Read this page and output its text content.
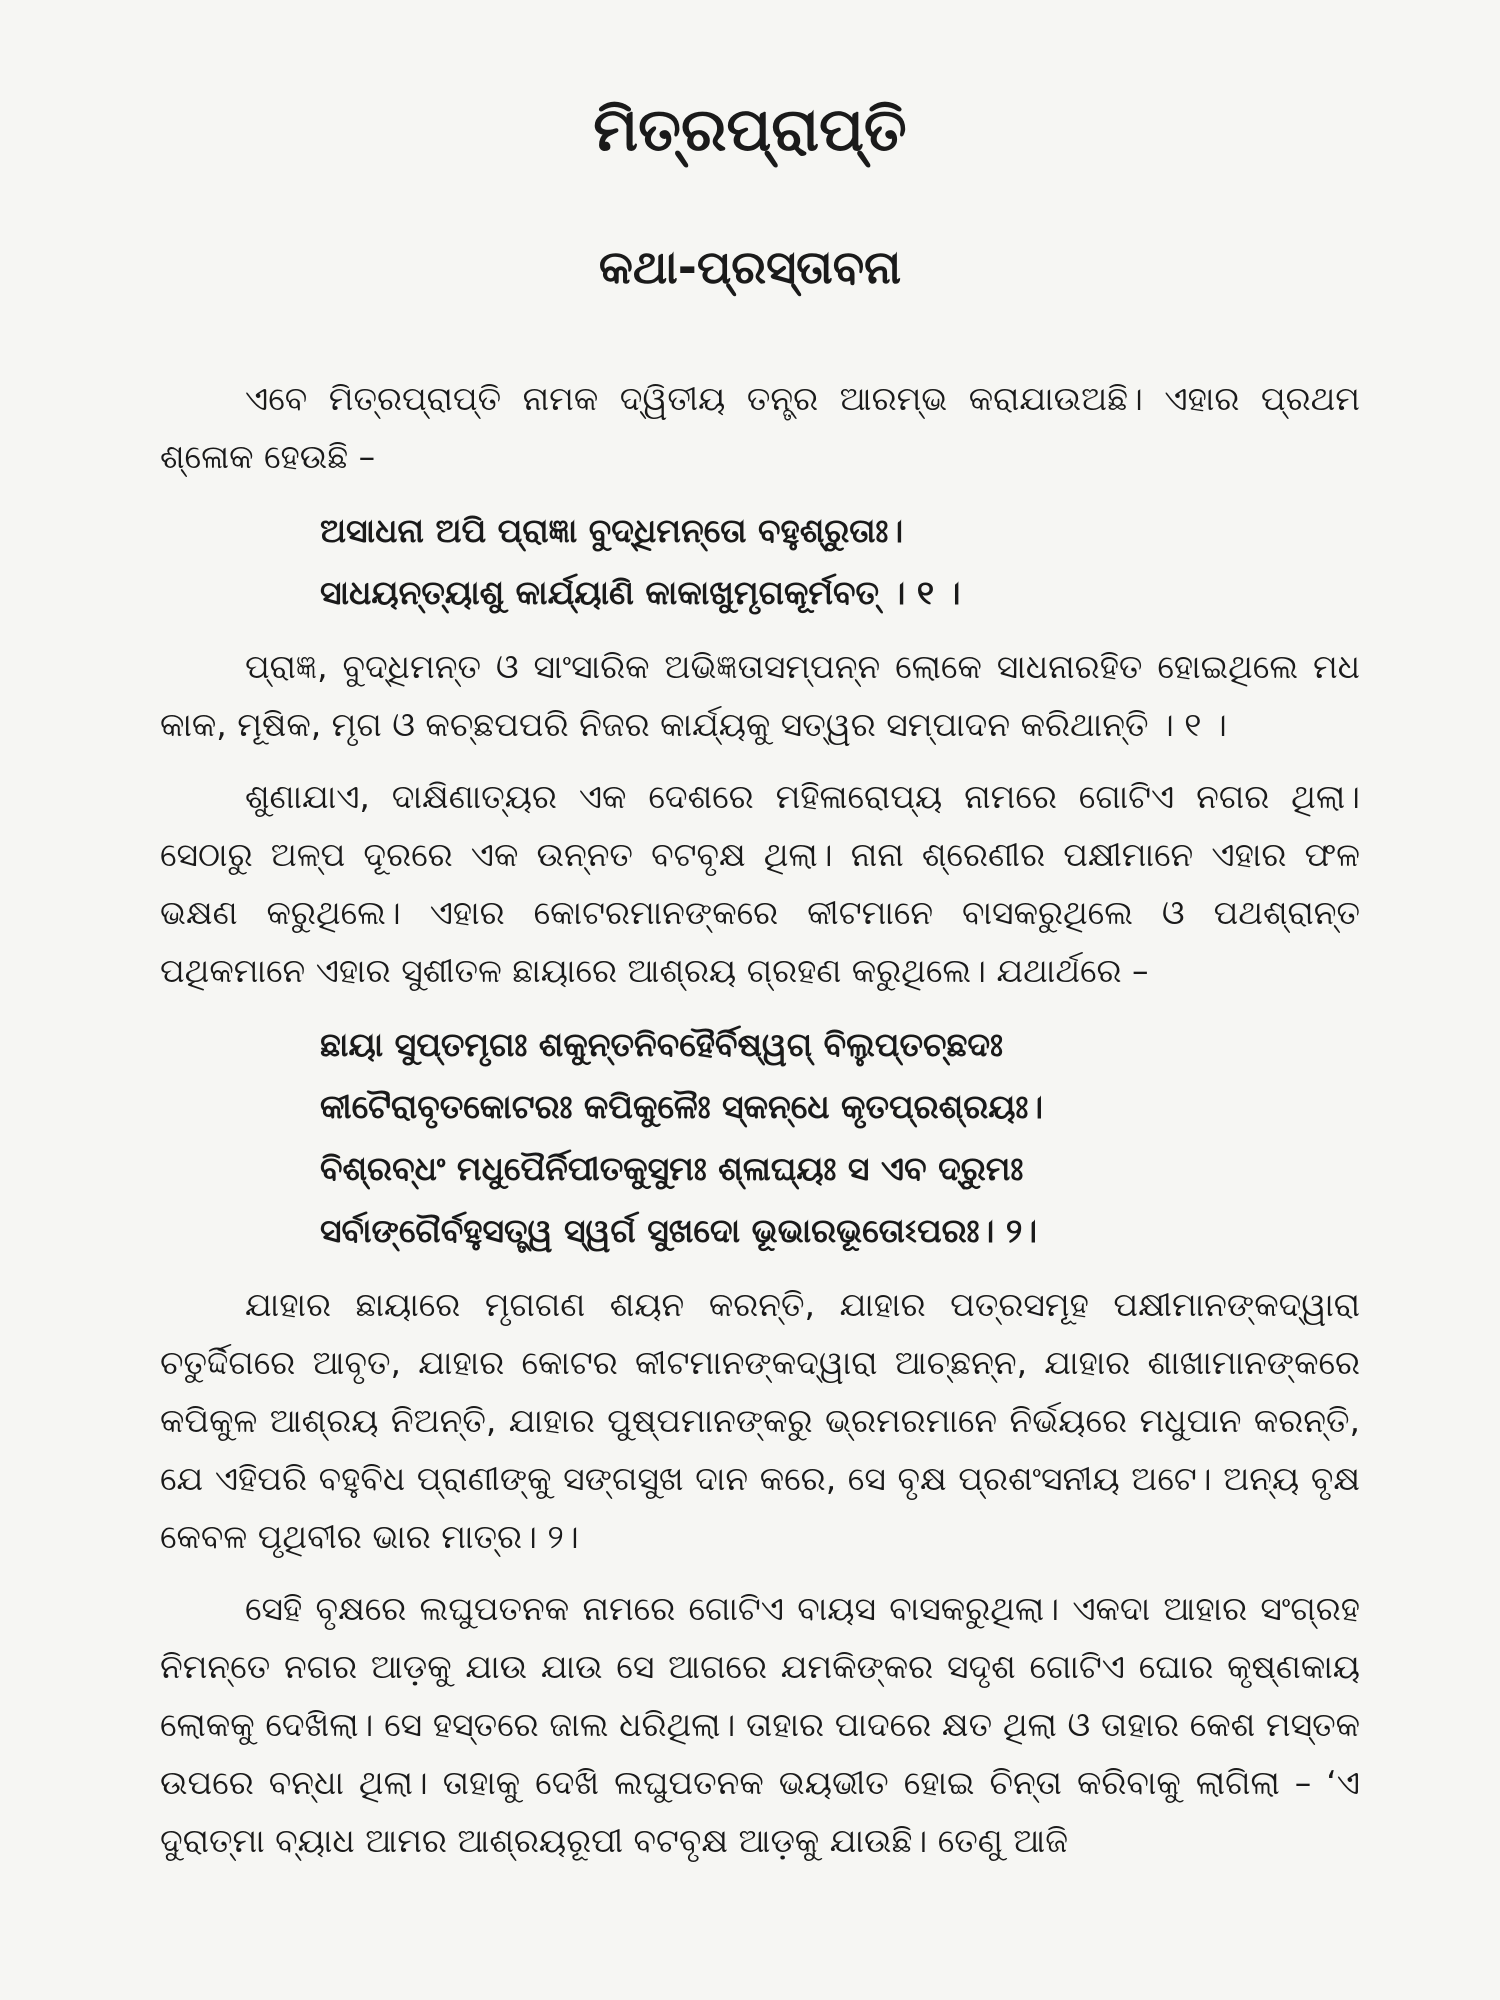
ମିତ୍ରପ୍ରାପ୍ତି
କଥା-ପ୍ରସ୍ତାବନା

ଏବେ ମିତ୍ରପ୍ରାପ୍ତି ନାମକ ଦ୍ୱିତୀୟ ତନ୍ତ୍ର ଆରମ୍ଭ କରାଯାଉଅଛି। ଏହାର ପ୍ରଥମ ଶ୍ଳୋକ ହେଉଛି –

ଅସାଧନା ଅପି ପ୍ରାଜ୍ଞା ବୁଦ୍ଧିମନ୍ତୋ ବହୁଶ୍ରୁତାଃ।
ସାଧୟନ୍ତ୍ୟାଶୁ କାର୍ଯ୍ୟାଣି କାକାଖୁମୃଗକୂର୍ମବତ୍ । ୧ ।

ପ୍ରାଜ୍ଞ, ବୁଦ୍ଧିମନ୍ତ ଓ ସାଂସାରିକ ଅଭିଜ୍ଞତାସମ୍ପନ୍ନ ଲୋକେ ସାଧନାରହିତ ହୋଇଥିଲେ ମଧ କାକ, ମୂଷିକ, ମୃଗ ଓ କଚ୍ଛପପରି ନିଜର କାର୍ଯ୍ୟକୁ ସତ୍ୱର ସମ୍ପାଦନ କରିଥାନ୍ତି । ୧ ।

ଶୁଣାଯାଏ, ଦାକ୍ଷିଣାତ୍ୟର ଏକ ଦେଶରେ ମହିଳାରୋପ୍ୟ ନାମରେ ଗୋଟିଏ ନଗର ଥିଲା। ସେଠାରୁ ଅଳ୍ପ ଦୂରରେ ଏକ ଉନ୍ନତ ବଟବୃକ୍ଷ ଥିଲା। ନାନା ଶ୍ରେଣୀର ପକ୍ଷୀମାନେ ଏହାର ଫଳ ଭକ୍ଷଣ କରୁଥିଲେ। ଏହାର କୋଟରମାନଙ୍କରେ କୀଟମାନେ ବାସକରୁଥିଲେ ଓ ପଥଶ୍ରାନ୍ତ ପଥିକମାନେ ଏହାର ସୁଶୀତଳ ଛାୟାରେ ଆଶ୍ରୟ ଗ୍ରହଣ କରୁଥିଲେ। ଯଥାର୍ଥରେ –

ଛାୟା ସୁପ୍ତମୃଗଃ ଶକୁନ୍ତନିବହୈର୍ବିଷ୍ୱଗ୍ ବିଲୁପ୍ତଚ୍ଛଦଃ
କୀଟୈରାବୃତକୋଟରଃ କପିକୁଳୈଃ ସ୍କନ୍ଧେ କୃତପ୍ରଶ୍ରୟଃ।
ବିଶ୍ରବ୍ଧଂ ମଧୁପୈର୍ନିପୀତକୁସୁମଃ ଶ୍ଳାଘ୍ୟଃ ସ ଏବ ଦ୍ରୁମଃ
ସର୍ବାଙ୍ଗୈର୍ବହୁସତ୍ତ୍ୱ ସ୍ୱର୍ଗ ସୁଖଦୋ ଭୂଭାରଭୂତୋଽପରଃ। ୨।

ଯାହାର ଛାୟାରେ ମୃଗଗଣ ଶୟନ କରନ୍ତି, ଯାହାର ପତ୍ରସମୂହ ପକ୍ଷୀମାନଙ୍କଦ୍ୱାରା ଚତୁର୍ଦ୍ଦିଗରେ ଆବୃତ, ଯାହାର କୋଟର କୀଟମାନଙ୍କଦ୍ୱାରା ଆଚ୍ଛନ୍ନ, ଯାହାର ଶାଖାମାନଙ୍କରେ କପିକୁଳ ଆଶ୍ରୟ ନିଅନ୍ତି, ଯାହାର ପୁଷ୍ପମାନଙ୍କରୁ ଭ୍ରମରମାନେ ନିର୍ଭୟରେ ମଧୁପାନ କରନ୍ତି, ଯେ ଏହିପରି ବହୁବିଧ ପ୍ରାଣୀଙ୍କୁ ସଙ୍ଗସୁଖ ଦାନ କରେ, ସେ ବୃକ୍ଷ ପ୍ରଶଂସନୀୟ ଅଟେ। ଅନ୍ୟ ବୃକ୍ଷ କେବଳ ପୃଥିବୀର ଭାର ମାତ୍ର। ୨।

ସେହି ବୃକ୍ଷରେ ଲଘୁପତନକ ନାମରେ ଗୋଟିଏ ବାୟସ ବାସକରୁଥିଲା। ଏକଦା ଆହାର ସଂଗ୍ରହ ନିମନ୍ତେ ନଗର ଆଡ଼କୁ ଯାଉ ଯାଉ ସେ ଆଗରେ ଯମକିଙ୍କର ସଦୃଶ ଗୋଟିଏ ଘୋର କୃଷ୍ଣକାୟ ଲୋକକୁ ଦେଖିଲା। ସେ ହସ୍ତରେ ଜାଲ ଧରିଥିଲା। ତାହାର ପାଦରେ କ୍ଷତ ଥିଲା ଓ ତାହାର କେଶ ମସ୍ତକ ଉପରେ ବନ୍ଧା ଥିଲା। ତାହାକୁ ଦେଖି ଲଘୁପତନକ ଭୟଭୀତ ହୋଇ ଚିନ୍ତା କରିବାକୁ ଲାଗିଲା – ‘ଏ ଦୁରାତ୍ମା ବ୍ୟାଧ ଆମର ଆଶ୍ରୟରୂପୀ ବଟବୃକ୍ଷ ଆଡ଼କୁ ଯାଉଛି। ତେଣୁ ଆଜି
